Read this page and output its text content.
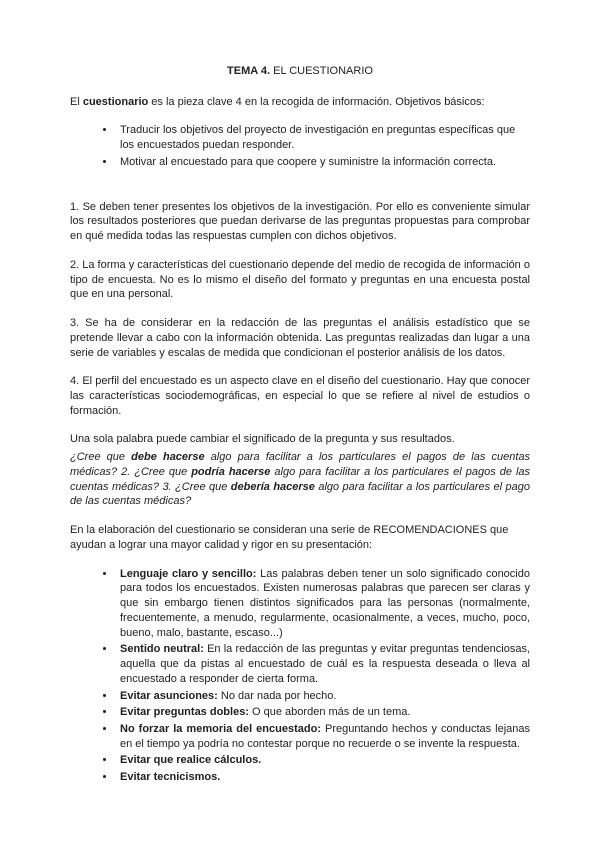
TEMA 4. EL CUESTIONARIO
El cuestionario es la pieza clave 4 en la recogida de información. Objetivos básicos:
• Traducir los objetivos del proyecto de investigación en preguntas específicas que los encuestados puedan responder.
• Motivar al encuestado para que coopere y suministre la información correcta.
1. Se deben tener presentes los objetivos de la investigación. Por ello es conveniente simular los resultados posteriores que puedan derivarse de las preguntas propuestas para comprobar en qué medida todas las respuestas cumplen con dichos objetivos.
2. La forma y características del cuestionario depende del medio de recogida de información o tipo de encuesta. No es lo mismo el diseño del formato y preguntas en una encuesta postal que en una personal.
3. Se ha de considerar en la redacción de las preguntas el análisis estadístico que se pretende llevar a cabo con la información obtenida. Las preguntas realizadas dan lugar a una serie de variables y escalas de medida que condicionan el posterior análisis de los datos.
4. El perfil del encuestado es un aspecto clave en el diseño del cuestionario. Hay que conocer las características sociodemográficas, en especial lo que se refiere al nivel de estudios o formación.
Una sola palabra puede cambiar el significado de la pregunta y sus resultados.
¿Cree que debe hacerse algo para facilitar a los particulares el pagos de las cuentas médicas? 2. ¿Cree que podría hacerse algo para facilitar a los particulares el pagos de las cuentas médicas? 3. ¿Cree que debería hacerse algo para facilitar a los particulares el pago de las cuentas médicas?
En la elaboración del cuestionario se consideran una serie de RECOMENDACIONES que ayudan a lograr una mayor calidad y rigor en su presentación:
• Lenguaje claro y sencillo: Las palabras deben tener un solo significado conocido para todos los encuestados. Existen numerosas palabras que parecen ser claras y que sin embargo tienen distintos significados para las personas (normalmente, frecuentemente, a menudo, regularmente, ocasionalmente, a veces, mucho, poco, bueno, malo, bastante, escaso...)
• Sentido neutral: En la redacción de las preguntas y evitar preguntas tendenciosas, aquella que da pistas al encuestado de cuál es la respuesta deseada o lleva al encuestado a responder de cierta forma.
• Evitar asunciones: No dar nada por hecho.
• Evitar preguntas dobles: O que aborden más de un tema.
• No forzar la memoria del encuestado: Preguntando hechos y conductas lejanas en el tiempo ya podría no contestar porque no recuerde o se invente la respuesta.
• Evitar que realice cálculos.
• Evitar tecnicismos.
